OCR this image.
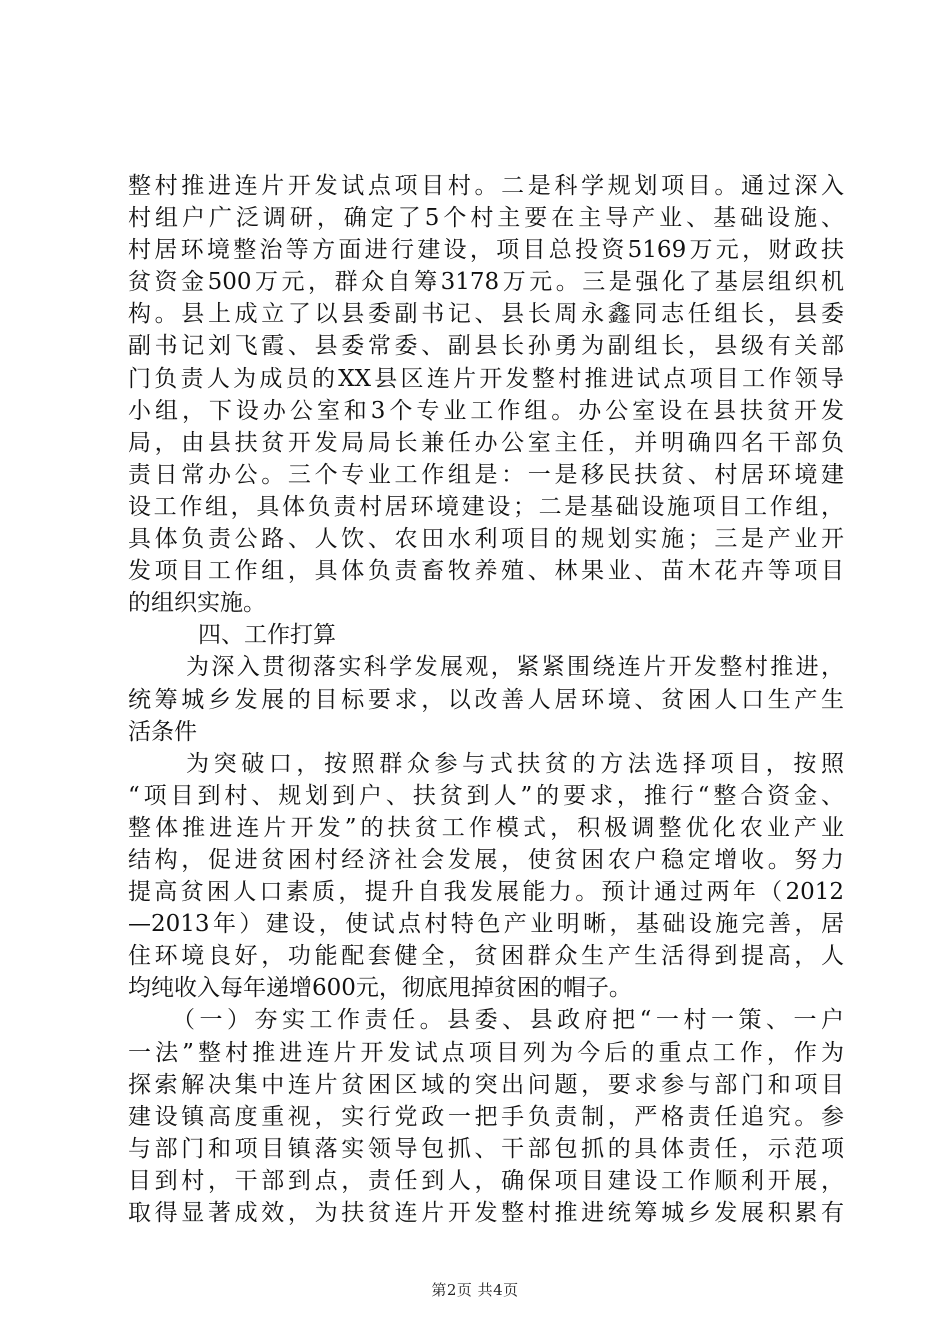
整村推进连片开发试点项目村。二是科学规划项目。通过深入
村组户广泛调研，确定了5个村主要在主导产业、基础设施、
村居环境整治等方面进行建设，项目总投资5169万元，财政扶
贫资金500万元，群众自筹3178万元。三是强化了基层组织机
构。县上成立了以县委副书记、县长周永鑫同志任组长，县委
副书记刘飞霞、县委常委、副县长孙勇为副组长，县级有关部
门负责人为成员的XX县区连片开发整村推进试点项目工作领导
小组，下设办公室和3个专业工作组。办公室设在县扶贫开发
局，由县扶贫开发局局长兼任办公室主任，并明确四名干部负
责日常办公。三个专业工作组是：一是移民扶贫、村居环境建
设工作组，具体负责村居环境建设；二是基础设施项目工作组，
具体负责公路、人饮、农田水利项目的规划实施；三是产业开
发项目工作组，具体负责畜牧养殖、林果业、苗木花卉等项目
的组织实施。
四、工作打算
为深入贯彻落实科学发展观，紧紧围绕连片开发整村推进，
统筹城乡发展的目标要求，以改善人居环境、贫困人口生产生
活条件
为突破口，按照群众参与式扶贫的方法选择项目，按照
“项目到村、规划到户、扶贫到人”的要求，推行“整合资金、
整体推进连片开发”的扶贫工作模式，积极调整优化农业产业
结构，促进贫困村经济社会发展，使贫困农户稳定增收。努力
提高贫困人口素质，提升自我发展能力。预计通过两年（2012
—2013年）建设，使试点村特色产业明晰，基础设施完善，居
住环境良好，功能配套健全，贫困群众生产生活得到提高，人
均纯收入每年递增600元，彻底甩掉贫困的帽子。
（一）夯实工作责任。县委、县政府把“一村一策、一户
一法”整村推进连片开发试点项目列为今后的重点工作，作为
探索解决集中连片贫困区域的突出问题，要求参与部门和项目
建设镇高度重视，实行党政一把手负责制，严格责任追究。参
与部门和项目镇落实领导包抓、干部包抓的具体责任，示范项
目到村，干部到点，责任到人，确保项目建设工作顺利开展，
取得显著成效，为扶贫连片开发整村推进统筹城乡发展积累有
第2页 共4页
